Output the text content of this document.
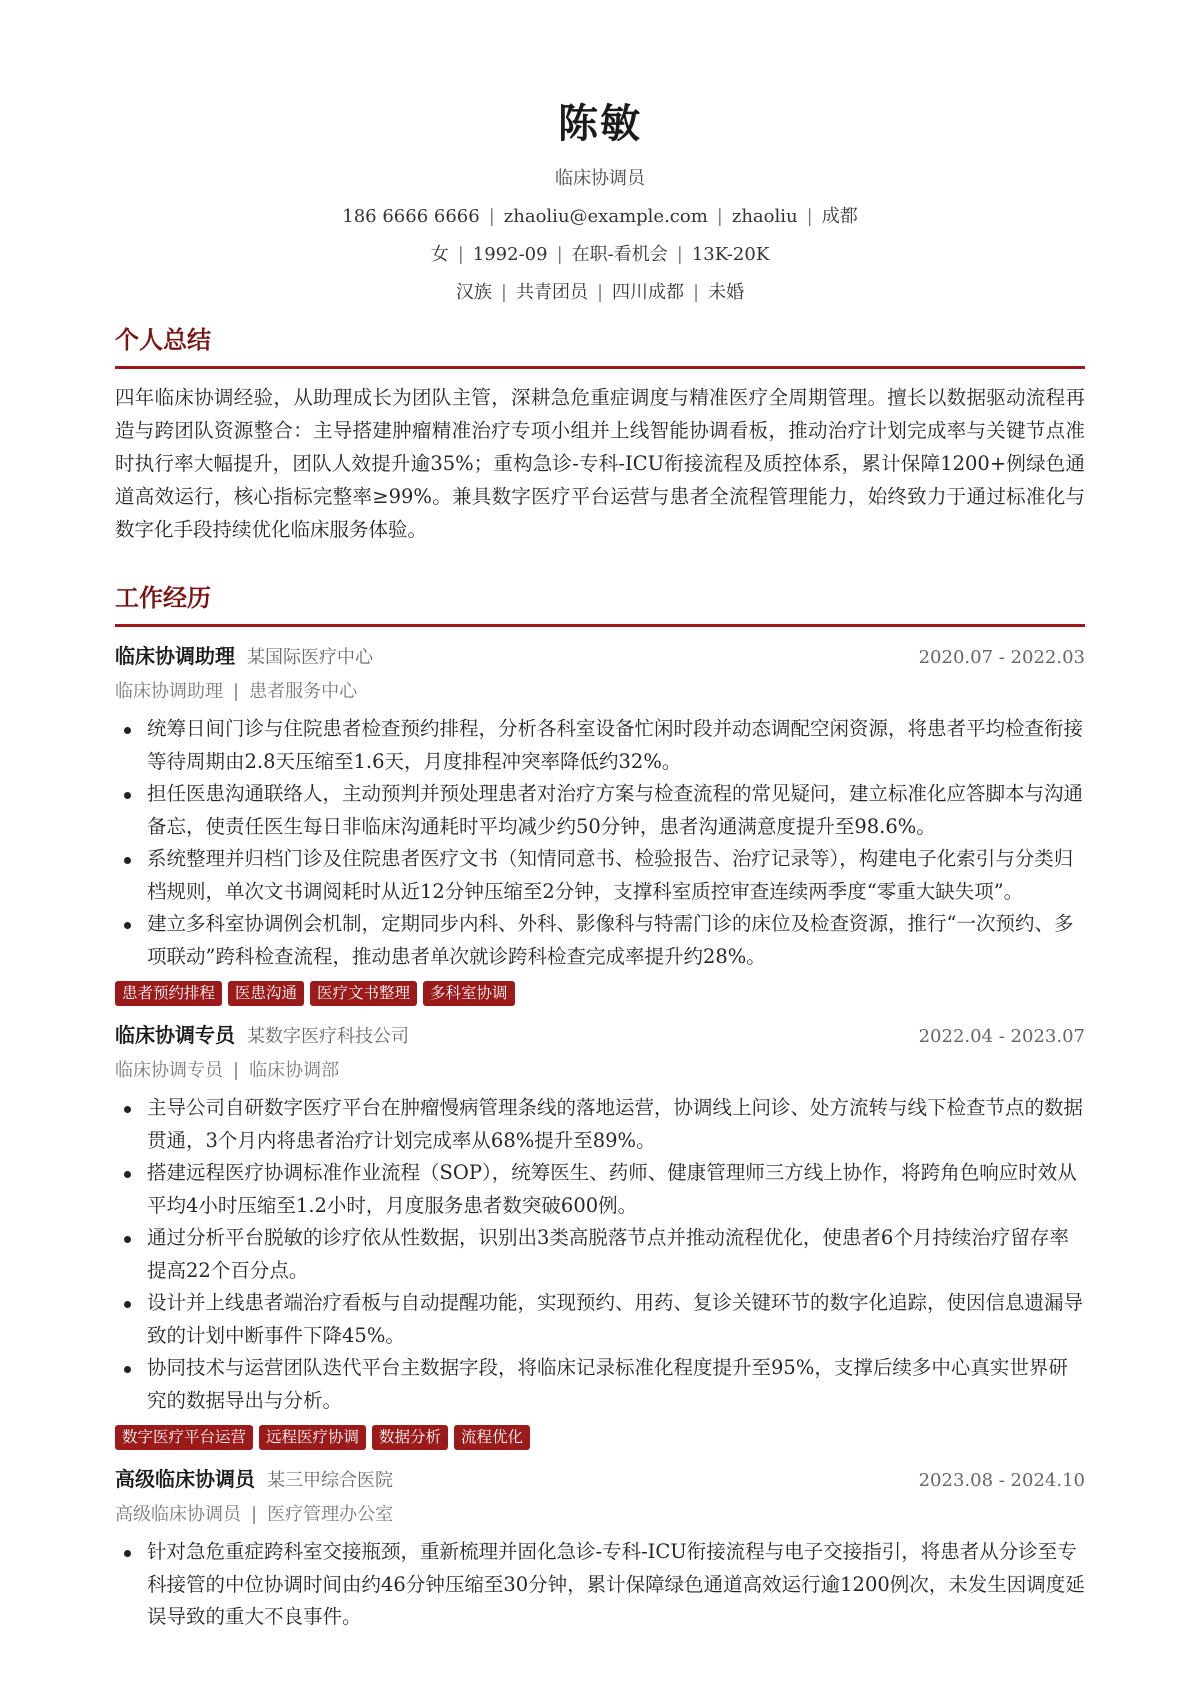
陈敏
临床协调员
186 6666 6666 | zhaoliu@example.com | zhaoliu | 成都
女 | 1992-09 | 在职-看机会 | 13K-20K
汉族 | 共青团员 | 四川成都 | 未婚
个人总结
四年临床协调经验，从助理成长为团队主管，深耕急危重症调度与精准医疗全周期管理。擅长以数据驱动流程再造与跨团队资源整合：主导搭建肿瘤精准治疗专项小组并上线智能协调看板，推动治疗计划完成率与关键节点准时执行率大幅提升，团队人效提升逾35%；重构急诊-专科-ICU衔接流程及质控体系，累计保障1200+例绿色通道高效运行，核心指标完整率≥99%。兼具数字医疗平台运营与患者全流程管理能力，始终致力于通过标准化与数字化手段持续优化临床服务体验。
工作经历
临床协调助理 某国际医疗中心	2020.07 - 2022.03
临床协调助理 | 患者服务中心
统筹日间门诊与住院患者检查预约排程，分析各科室设备忙闲时段并动态调配空闲资源，将患者平均检查衔接等待周期由2.8天压缩至1.6天，月度排程冲突率降低约32%。
担任医患沟通联络人，主动预判并预处理患者对治疗方案与检查流程的常见疑问，建立标准化应答脚本与沟通备忘，使责任医生每日非临床沟通耗时平均减少约50分钟，患者沟通满意度提升至98.6%。
系统整理并归档门诊及住院患者医疗文书（知情同意书、检验报告、治疗记录等），构建电子化索引与分类归档规则，单次文书调阅耗时从近12分钟压缩至2分钟，支撑科室质控审查连续两季度“零重大缺失项”。
建立多科室协调例会机制，定期同步内科、外科、影像科与特需门诊的床位及检查资源，推行“一次预约、多项联动”跨科检查流程，推动患者单次就诊跨科检查完成率提升约28%。
患者预约排程	医患沟通	医疗文书整理	多科室协调
临床协调专员 某数字医疗科技公司	2022.04 - 2023.07
临床协调专员 | 临床协调部
主导公司自研数字医疗平台在肿瘤慢病管理条线的落地运营，协调线上问诊、处方流转与线下检查节点的数据贯通，3个月内将患者治疗计划完成率从68%提升至89%。
搭建远程医疗协调标准作业流程（SOP），统筹医生、药师、健康管理师三方线上协作，将跨角色响应时效从平均4小时压缩至1.2小时，月度服务患者数突破600例。
通过分析平台脱敏的诊疗依从性数据，识别出3类高脱落节点并推动流程优化，使患者6个月持续治疗留存率提高22个百分点。
设计并上线患者端治疗看板与自动提醒功能，实现预约、用药、复诊关键环节的数字化追踪，使因信息遗漏导致的计划中断事件下降45%。
协同技术与运营团队迭代平台主数据字段，将临床记录标准化程度提升至95%，支撑后续多中心真实世界研究的数据导出与分析。
数字医疗平台运营	远程医疗协调	数据分析	流程优化
高级临床协调员 某三甲综合医院	2023.08 - 2024.10
高级临床协调员 | 医疗管理办公室
针对急危重症跨科室交接瓶颈，重新梳理并固化急诊-专科-ICU衔接流程与电子交接指引，将患者从分诊至专科接管的中位协调时间由约46分钟压缩至30分钟，累计保障绿色通道高效运行逾1200例次，未发生因调度延误导致的重大不良事件。
